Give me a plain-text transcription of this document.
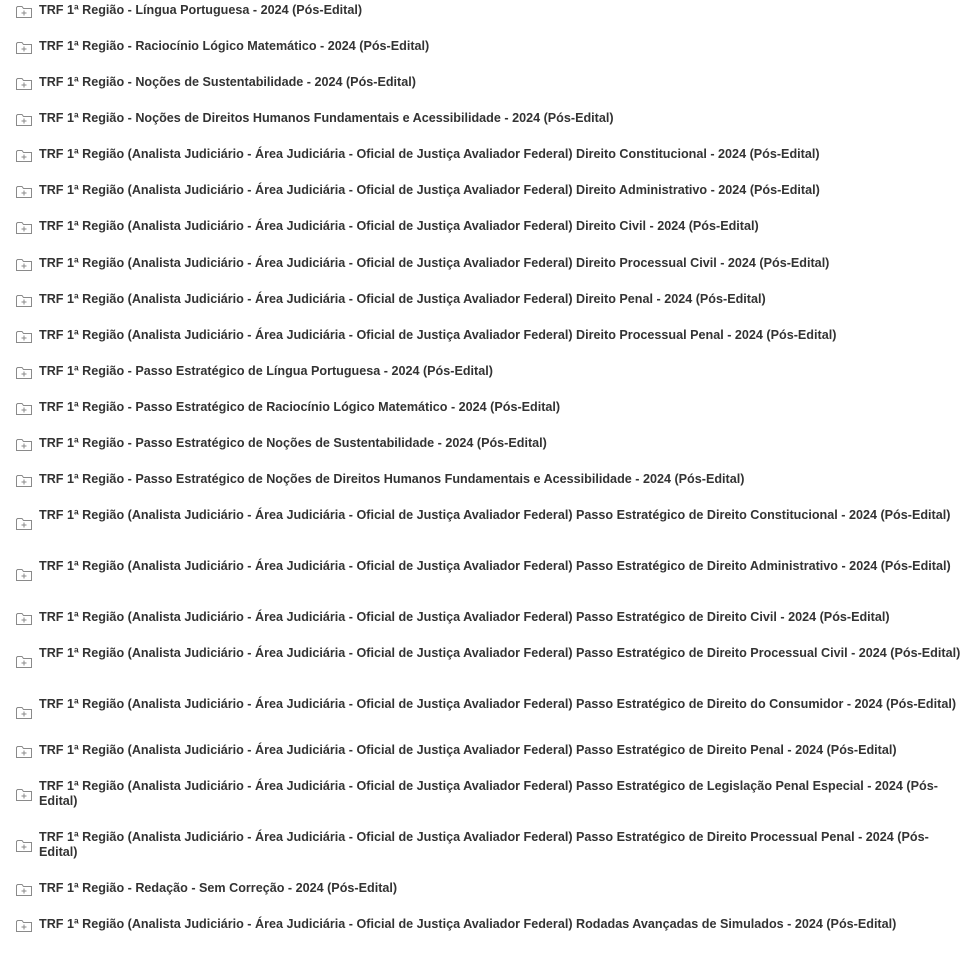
TRF 1ª Região - Língua Portuguesa - 2024 (Pós-Edital)
TRF 1ª Região - Raciocínio Lógico Matemático - 2024 (Pós-Edital)
TRF 1ª Região - Noções de Sustentabilidade - 2024 (Pós-Edital)
TRF 1ª Região - Noções de Direitos Humanos Fundamentais e Acessibilidade - 2024 (Pós-Edital)
TRF 1ª Região (Analista Judiciário - Área Judiciária - Oficial de Justiça Avaliador Federal) Direito Constitucional - 2024 (Pós-Edital)
TRF 1ª Região (Analista Judiciário - Área Judiciária - Oficial de Justiça Avaliador Federal) Direito Administrativo - 2024 (Pós-Edital)
TRF 1ª Região (Analista Judiciário - Área Judiciária - Oficial de Justiça Avaliador Federal) Direito Civil - 2024 (Pós-Edital)
TRF 1ª Região (Analista Judiciário - Área Judiciária - Oficial de Justiça Avaliador Federal) Direito Processual Civil - 2024 (Pós-Edital)
TRF 1ª Região (Analista Judiciário - Área Judiciária - Oficial de Justiça Avaliador Federal) Direito Penal - 2024 (Pós-Edital)
TRF 1ª Região (Analista Judiciário - Área Judiciária - Oficial de Justiça Avaliador Federal) Direito Processual Penal - 2024 (Pós-Edital)
TRF 1ª Região - Passo Estratégico de Língua Portuguesa - 2024 (Pós-Edital)
TRF 1ª Região - Passo Estratégico de Raciocínio Lógico Matemático - 2024 (Pós-Edital)
TRF 1ª Região - Passo Estratégico de Noções de Sustentabilidade - 2024 (Pós-Edital)
TRF 1ª Região - Passo Estratégico de Noções de Direitos Humanos Fundamentais e Acessibilidade - 2024 (Pós-Edital)
TRF 1ª Região (Analista Judiciário - Área Judiciária - Oficial de Justiça Avaliador Federal) Passo Estratégico de Direito Constitucional - 2024 (Pós-Edital)
TRF 1ª Região (Analista Judiciário - Área Judiciária - Oficial de Justiça Avaliador Federal) Passo Estratégico de Direito Administrativo - 2024 (Pós-Edital)
TRF 1ª Região (Analista Judiciário - Área Judiciária - Oficial de Justiça Avaliador Federal) Passo Estratégico de Direito Civil - 2024 (Pós-Edital)
TRF 1ª Região (Analista Judiciário - Área Judiciária - Oficial de Justiça Avaliador Federal) Passo Estratégico de Direito Processual Civil - 2024 (Pós-Edital)
TRF 1ª Região (Analista Judiciário - Área Judiciária - Oficial de Justiça Avaliador Federal) Passo Estratégico de Direito do Consumidor - 2024 (Pós-Edital)
TRF 1ª Região (Analista Judiciário - Área Judiciária - Oficial de Justiça Avaliador Federal) Passo Estratégico de Direito Penal - 2024 (Pós-Edital)
TRF 1ª Região (Analista Judiciário - Área Judiciária - Oficial de Justiça Avaliador Federal) Passo Estratégico de Legislação Penal Especial - 2024 (Pós-Edital)
TRF 1ª Região (Analista Judiciário - Área Judiciária - Oficial de Justiça Avaliador Federal) Passo Estratégico de Direito Processual Penal - 2024 (Pós-Edital)
TRF 1ª Região - Redação - Sem Correção - 2024 (Pós-Edital)
TRF 1ª Região (Analista Judiciário - Área Judiciária - Oficial de Justiça Avaliador Federal) Rodadas Avançadas de Simulados - 2024 (Pós-Edital)
